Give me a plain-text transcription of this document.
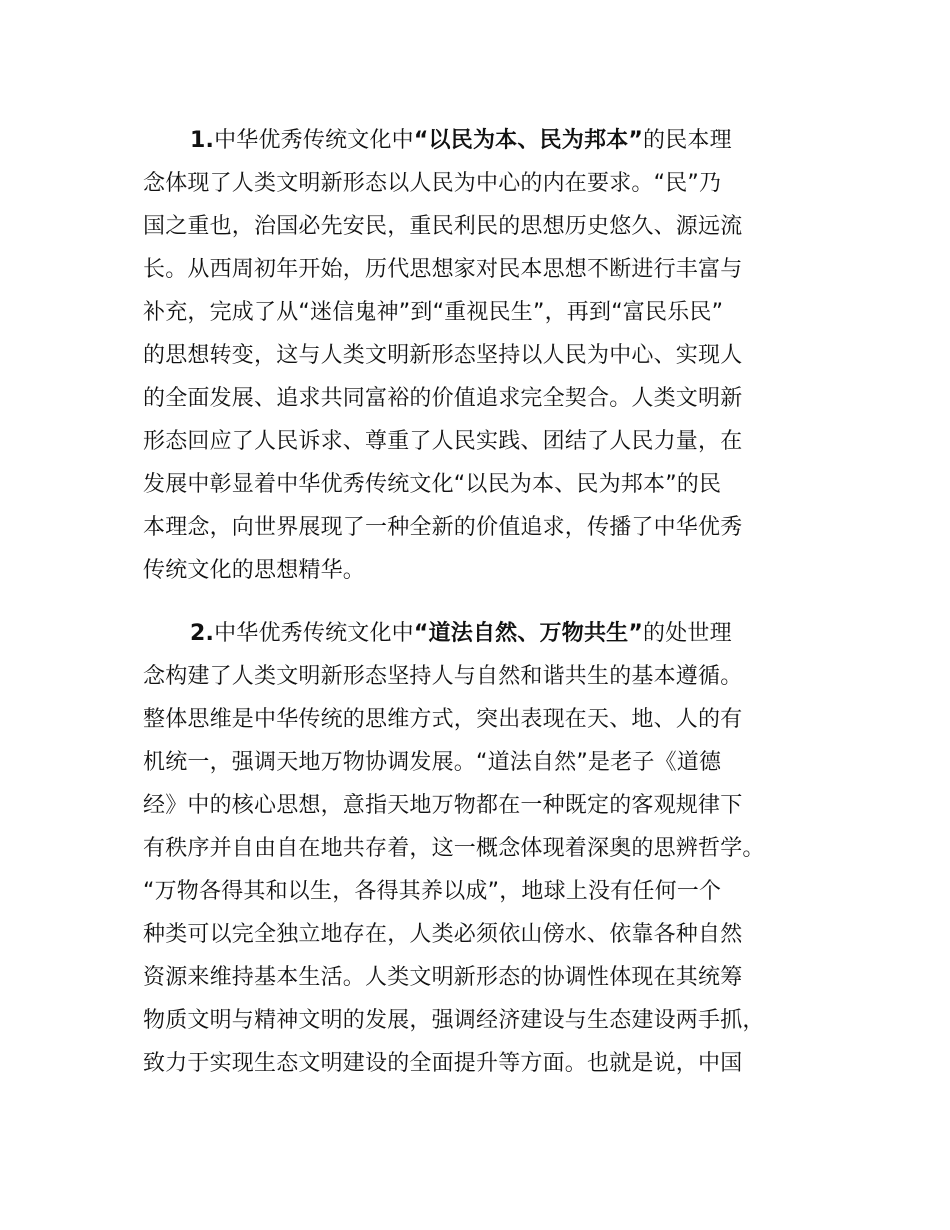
1.中华优秀传统文化中“以民为本、民为邦本”的民本理
念体现了人类文明新形态以人民为中心的内在要求。“民”乃
国之重也，治国必先安民，重民利民的思想历史悠久、源远流
长。从西周初年开始，历代思想家对民本思想不断进行丰富与
补充，完成了从“迷信鬼神”到“重视民生”，再到“富民乐民”
的思想转变，这与人类文明新形态坚持以人民为中心、实现人
的全面发展、追求共同富裕的价值追求完全契合。人类文明新
形态回应了人民诉求、尊重了人民实践、团结了人民力量，在
发展中彰显着中华优秀传统文化“以民为本、民为邦本”的民
本理念，向世界展现了一种全新的价值追求，传播了中华优秀
传统文化的思想精华。
2.中华优秀传统文化中“道法自然、万物共生”的处世理
念构建了人类文明新形态坚持人与自然和谐共生的基本遵循。
整体思维是中华传统的思维方式，突出表现在天、地、人的有
机统一，强调天地万物协调发展。“道法自然”是老子《道德
经》中的核心思想，意指天地万物都在一种既定的客观规律下
有秩序并自由自在地共存着，这一概念体现着深奥的思辨哲学。
“万物各得其和以生，各得其养以成”，地球上没有任何一个
种类可以完全独立地存在，人类必须依山傍水、依靠各种自然
资源来维持基本生活。人类文明新形态的协调性体现在其统筹
物质文明与精神文明的发展，强调经济建设与生态建设两手抓，
致力于实现生态文明建设的全面提升等方面。也就是说，中国
